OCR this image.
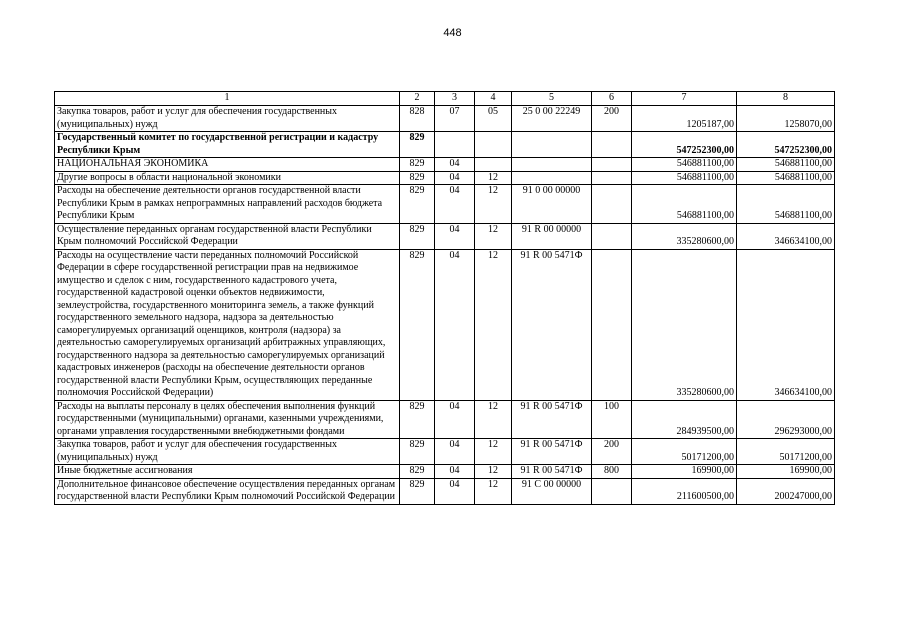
448
1	2	3	4	5	6	7	8
Закупка товаров, работ и услуг для обеспечения государственных (муниципальных) нужд	828	07	05	25 0 00 22249	200	1205187,00	1258070,00
Государственный комитет по государственной регистрации и кадастру Республики Крым	829					547252300,00	547252300,00
НАЦИОНАЛЬНАЯ ЭКОНОМИКА	829	04				546881100,00	546881100,00
Другие вопросы в области национальной экономики	829	04	12			546881100,00	546881100,00
Расходы на обеспечение деятельности органов государственной власти Республики Крым в рамках непрограммных направлений расходов бюджета Республики Крым	829	04	12	91 0 00 00000		546881100,00	546881100,00
Осуществление переданных органам государственной власти Республики Крым полномочий Российской Федерации	829	04	12	91 R 00 00000		335280600,00	346634100,00
Расходы на осуществление части переданных полномочий Российской Федерации в сфере государственной регистрации прав на недвижимое имущество и сделок с ним, государственного кадастрового учета, государственной кадастровой оценки объектов недвижимости, землеустройства, государственного мониторинга земель, а также функций государственного земельного надзора, надзора за деятельностью саморегулируемых организаций оценщиков, контроля (надзора) за деятельностью саморегулируемых организаций арбитражных управляющих, государственного надзора за деятельностью саморегулируемых организаций кадастровых инженеров (расходы на обеспечение деятельности органов государственной власти Республики Крым, осуществляющих переданные полномочия Российской Федерации)	829	04	12	91 R 00 5471Ф		335280600,00	346634100,00
Расходы на выплаты персоналу в целях обеспечения выполнения функций государственными (муниципальными) органами, казенными учреждениями, органами управления государственными внебюджетными фондами	829	04	12	91 R 00 5471Ф	100	284939500,00	296293000,00
Закупка товаров, работ и услуг для обеспечения государственных (муниципальных) нужд	829	04	12	91 R 00 5471Ф	200	50171200,00	50171200,00
Иные бюджетные ассигнования	829	04	12	91 R 00 5471Ф	800	169900,00	169900,00
Дополнительное финансовое обеспечение осуществления переданных органам государственной власти Республики Крым полномочий Российской Федерации	829	04	12	91 С 00 00000		211600500,00	200247000,00
